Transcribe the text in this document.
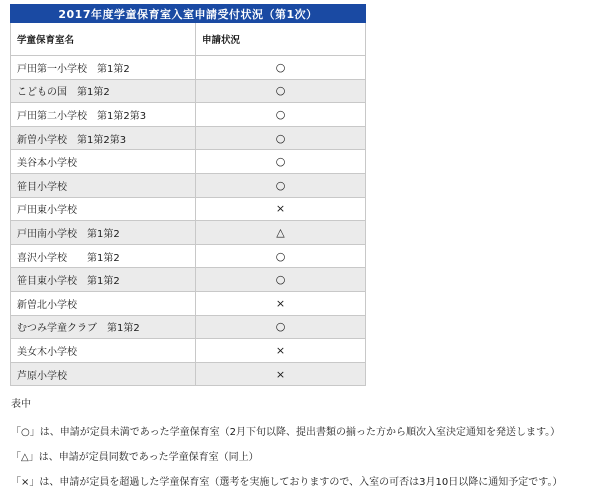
2017年度学童保育室入室申請受付状況（第1次）	
学童保育室名	申請状況
戸田第一小学校　第1第2	○
こどもの国　第1第2	○
戸田第二小学校　第1第2第3	○
新曽小学校　第1第2第3	○
美谷本小学校	○
笹目小学校	○
戸田東小学校	×
戸田南小学校　第1第2	△
喜沢小学校　　第1第2	○
笹目東小学校　第1第2	○
新曽北小学校	×
むつみ学童クラブ　第1第2	○
美女木小学校	×
芦原小学校	×

表中

「○」は、申請が定員未満であった学童保育室（2月下旬以降、提出書類の揃った方から順次入室決定通知を発送します。）

「△」は、申請が定員同数であった学童保育室（同上）

「×」は、申請が定員を超過した学童保育室（選考を実施しておりますので、入室の可否は3月10日以降に通知予定です。）
